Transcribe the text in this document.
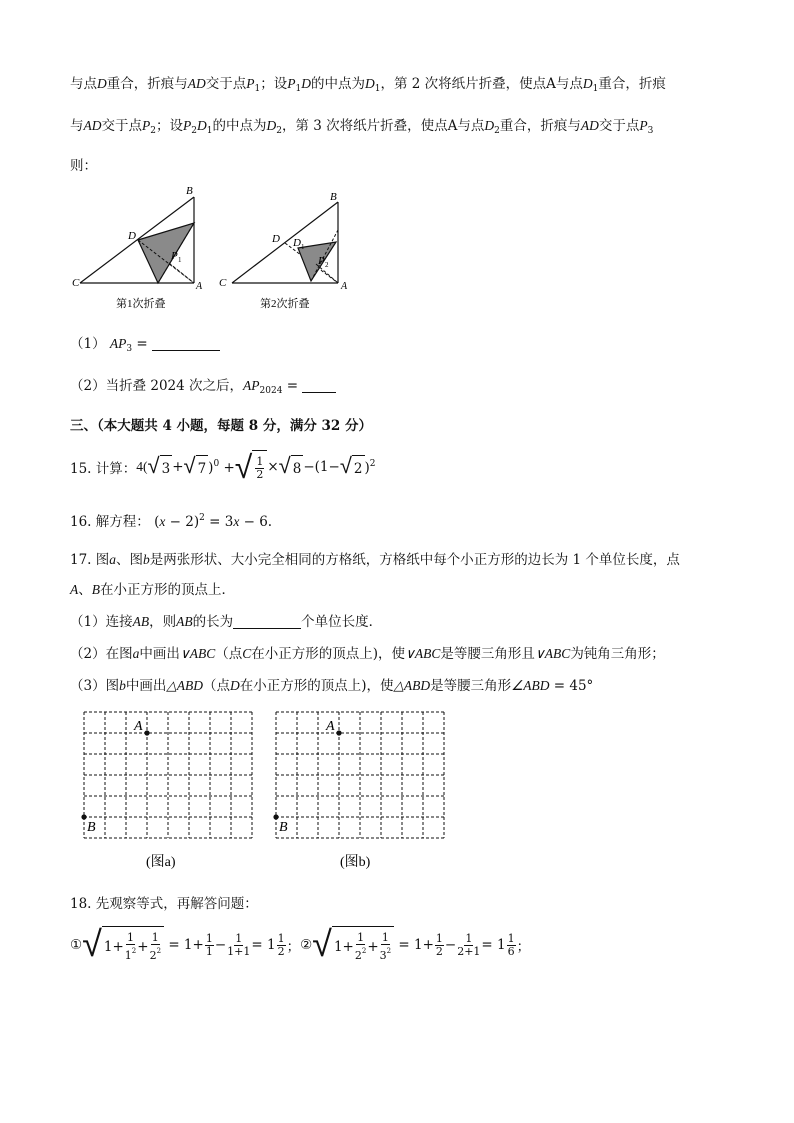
与点D重合，折痕与AD交于点$P_1$；设$P_1D$的中点为$D_1$，第 2 次将纸片折叠，使点A与点$D_1$重合，折痕
与AD交于点$P_2$；设$P_2D_1$的中点为$D_2$，第 3 次将纸片折叠，使点A与点$D_2$重合，折痕与AD交于点$P_3$
则：
B
D
P 1
C	A
第1次折叠
B
D D 1
P 2
C	A
第2次折叠
（1） $AP_3$ =
（2）当折叠 2024 次之后，$AP_{2024}$ =
三、（本大题共 4 小题，每题 8 分，满分 32 分）
15. 计算： 4( √ 3 + √ 7 )$^0$ + √ $\frac{1}{2}$ × √ 8 −(1− √ 2 )$^2$
16. 解方程： $(x - 2)^2 = 3x - 6$.
17. 图a、图b是两张形状、大小完全相同的方格纸，方格纸中每个小正方形的边长为 1 个单位长度，点
A、B在小正方形的顶点上．
（1）连接AB，则AB的长为	个单位长度．
（2）在图a中画出∨ABC（点C在小正方形的顶点上)，使∨ABC是等腰三角形且∨ABC为钝角三角形；
（3）图b中画出△ABD（点D在小正方形的顶点上)，使△ABD是等腰三角形∠ABD = 45°
A
B
A
B
(图a)	(图b)
18. 先观察等式，再解答问题：
① √ $1+ \frac{1}{1^2} + \frac{1}{2^2} = 1+ \frac{1}{1} - \frac{1}{1+1} = 1 \frac{1}{2}$ ； ② √ $1+ \frac{1}{2^2} + \frac{1}{3^2} = 1+ \frac{1}{2} - \frac{1}{2+1} = 1 \frac{1}{6}$ ；
